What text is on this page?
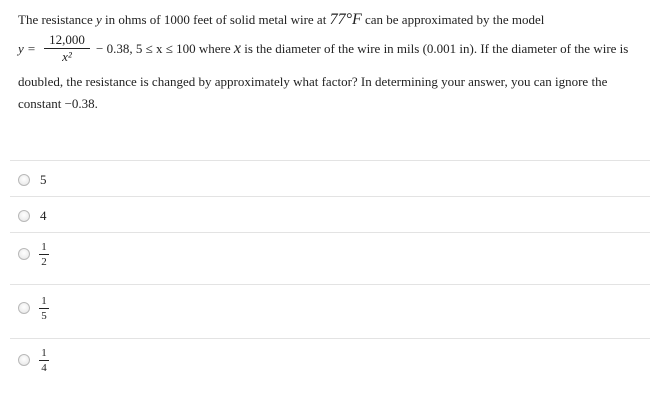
The resistance y in ohms of 1000 feet of solid metal wire at 77°F can be approximated by the model
y =
12,000
x²
− 0.38, 5 ≤ x ≤ 100 where x is the diameter of the wire in mils (0.001 in). If the diameter of the wire is
doubled, the resistance is changed by approximately what factor? In determining your answer, you can ignore the
constant −0.38.
5
4
1
2
1
5
1
4
